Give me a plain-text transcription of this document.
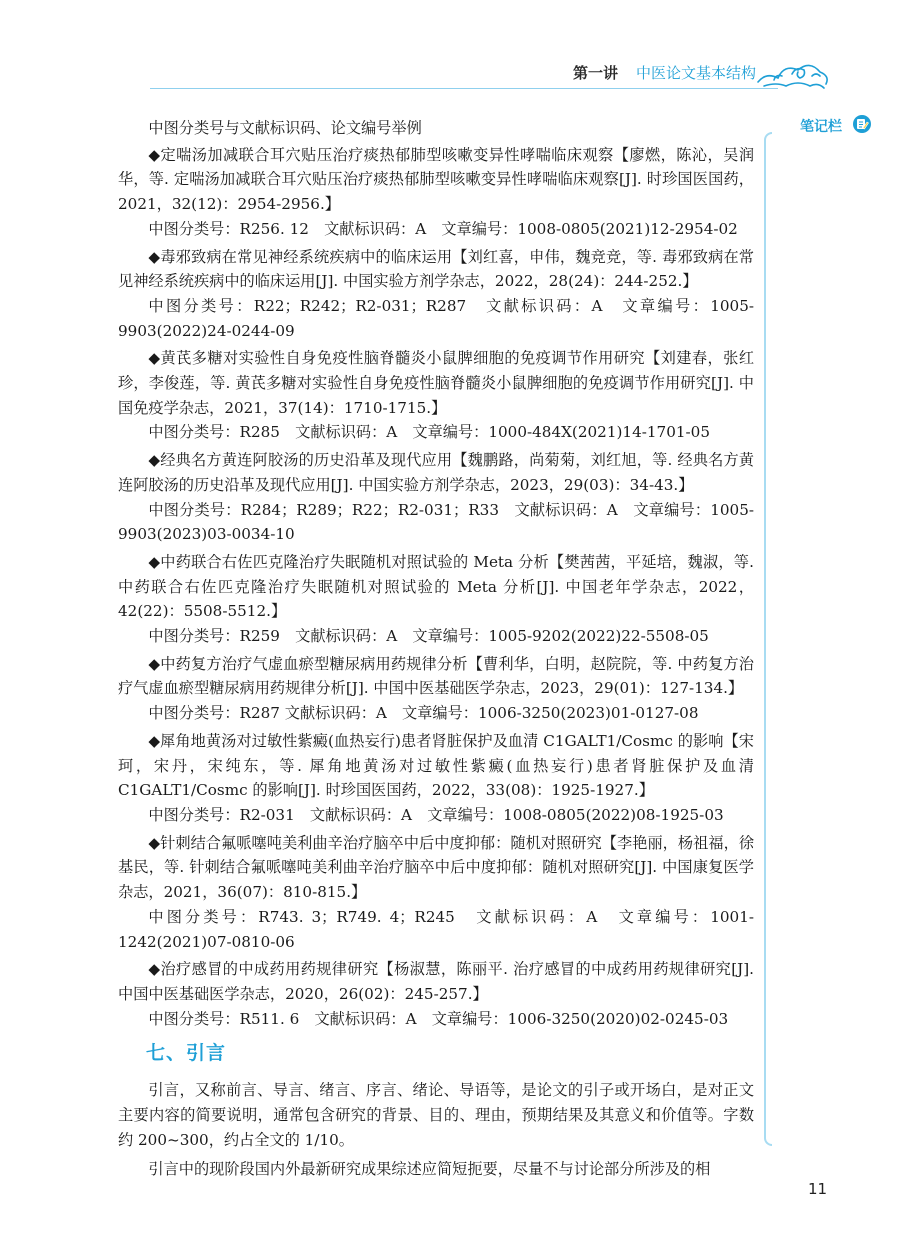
第一讲 中医论文基本结构
笔记栏

中图分类号与文献标识码、论文编号举例

◆定喘汤加减联合耳穴贴压治疗痰热郁肺型咳嗽变异性哮喘临床观察【廖燃，陈沁，吴润华，等. 定喘汤加减联合耳穴贴压治疗痰热郁肺型咳嗽变异性哮喘临床观察[J]. 时珍国医国药，2021，32(12)：2954-2956.】

中图分类号：R256. 12　文献标识码：A　文章编号：1008-0805(2021)12-2954-02

◆毒邪致病在常见神经系统疾病中的临床运用【刘红喜，申伟，魏竞竞，等. 毒邪致病在常见神经系统疾病中的临床运用[J]. 中国实验方剂学杂志，2022，28(24)：244-252.】

中图分类号：R22；R242；R2-031；R287　文献标识码：A　文章编号：1005-9903(2022)24-0244-09

◆黄芪多糖对实验性自身免疫性脑脊髓炎小鼠脾细胞的免疫调节作用研究【刘建春，张红珍，李俊莲，等. 黄芪多糖对实验性自身免疫性脑脊髓炎小鼠脾细胞的免疫调节作用研究[J]. 中国免疫学杂志，2021，37(14)：1710-1715.】

中图分类号：R285　文献标识码：A　文章编号：1000-484X(2021)14-1701-05

◆经典名方黄连阿胶汤的历史沿革及现代应用【魏鹏路，尚菊菊，刘红旭，等. 经典名方黄连阿胶汤的历史沿革及现代应用[J]. 中国实验方剂学杂志，2023，29(03)：34-43.】

中图分类号：R284；R289；R22；R2-031；R33　文献标识码：A　文章编号：1005-9903(2023)03-0034-10

◆中药联合右佐匹克隆治疗失眠随机对照试验的 Meta 分析【樊茜茜，平延培，魏淑，等. 中药联合右佐匹克隆治疗失眠随机对照试验的 Meta 分析[J]. 中国老年学杂志，2022，42(22)：5508-5512.】

中图分类号：R259　文献标识码：A　文章编号：1005-9202(2022)22-5508-05

◆中药复方治疗气虚血瘀型糖尿病用药规律分析【曹利华，白明，赵院院，等. 中药复方治疗气虚血瘀型糖尿病用药规律分析[J]. 中国中医基础医学杂志，2023，29(01)：127-134.】

中图分类号：R287 文献标识码：A　文章编号：1006-3250(2023)01-0127-08

◆犀角地黄汤对过敏性紫癜(血热妄行)患者肾脏保护及血清 C1GALT1/Cosmc 的影响【宋珂，宋丹，宋纯东，等. 犀角地黄汤对过敏性紫癜(血热妄行)患者肾脏保护及血清 C1GALT1/Cosmc 的影响[J]. 时珍国医国药，2022，33(08)：1925-1927.】

中图分类号：R2-031　文献标识码：A　文章编号：1008-0805(2022)08-1925-03

◆针刺结合氟哌噻吨美利曲辛治疗脑卒中后中度抑郁：随机对照研究【李艳丽，杨祖福，徐基民，等. 针刺结合氟哌噻吨美利曲辛治疗脑卒中后中度抑郁：随机对照研究[J]. 中国康复医学杂志，2021，36(07)：810-815.】

中图分类号：R743. 3；R749. 4；R245　文献标识码：A　文章编号：1001-1242(2021)07-0810-06

◆治疗感冒的中成药用药规律研究【杨淑慧，陈丽平. 治疗感冒的中成药用药规律研究[J]. 中国中医基础医学杂志，2020，26(02)：245-257.】

中图分类号：R511. 6　文献标识码：A　文章编号：1006-3250(2020)02-0245-03

七、引言

引言，又称前言、导言、绪言、序言、绪论、导语等，是论文的引子或开场白，是对正文主要内容的简要说明，通常包含研究的背景、目的、理由，预期结果及其意义和价值等。字数约 200~300，约占全文的 1/10。

引言中的现阶段国内外最新研究成果综述应简短扼要，尽量不与讨论部分所涉及的相

11
